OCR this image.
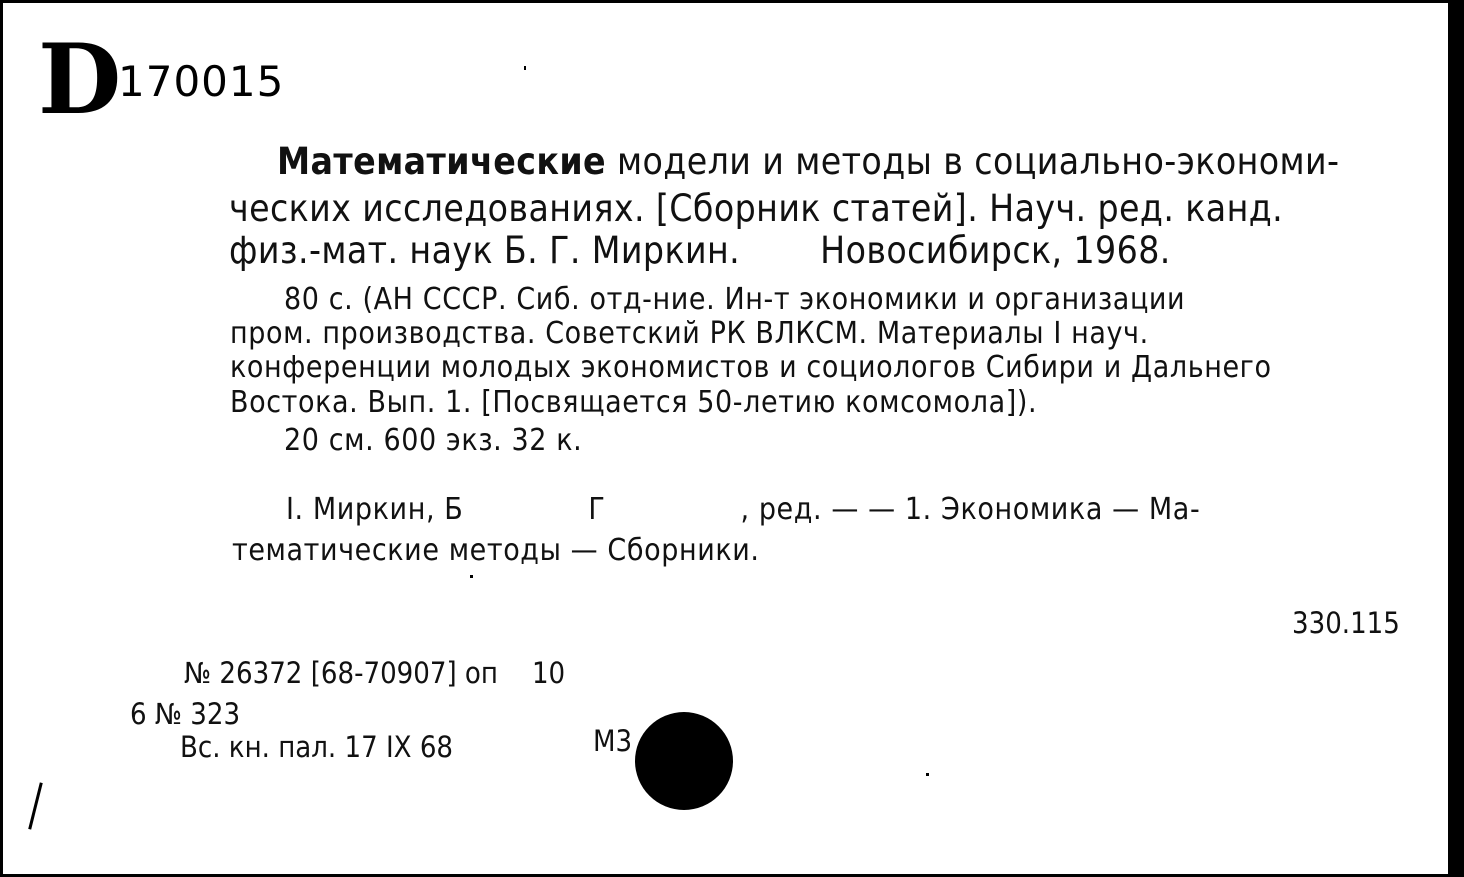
D
170015
Математические модели и методы в социально-экономи-
ческих исследованиях. [Сборник статей]. Науч. ред. канд.
физ.-мат. наук Б. Г. Миркин. Новосибирск, 1968.
80 с. (АН СССР. Сиб. отд-ние. Ин-т экономики и организации
пром. производства. Советский РК ВЛКСМ. Материалы I науч.
конференции молодых экономистов и социологов Сибири и Дальнего
Востока. Вып. 1. [Посвящается 50-летию комсомола]).
20 см. 600 экз. 32 к.
I. Миркин, Б	Г	, ред. — — 1. Экономика — Ма-
тематические методы — Сборники.
330.115
№ 26372 [68-70907] оп 10
6 № 323
Вс. кн. пал. 17 IX 68	М3
